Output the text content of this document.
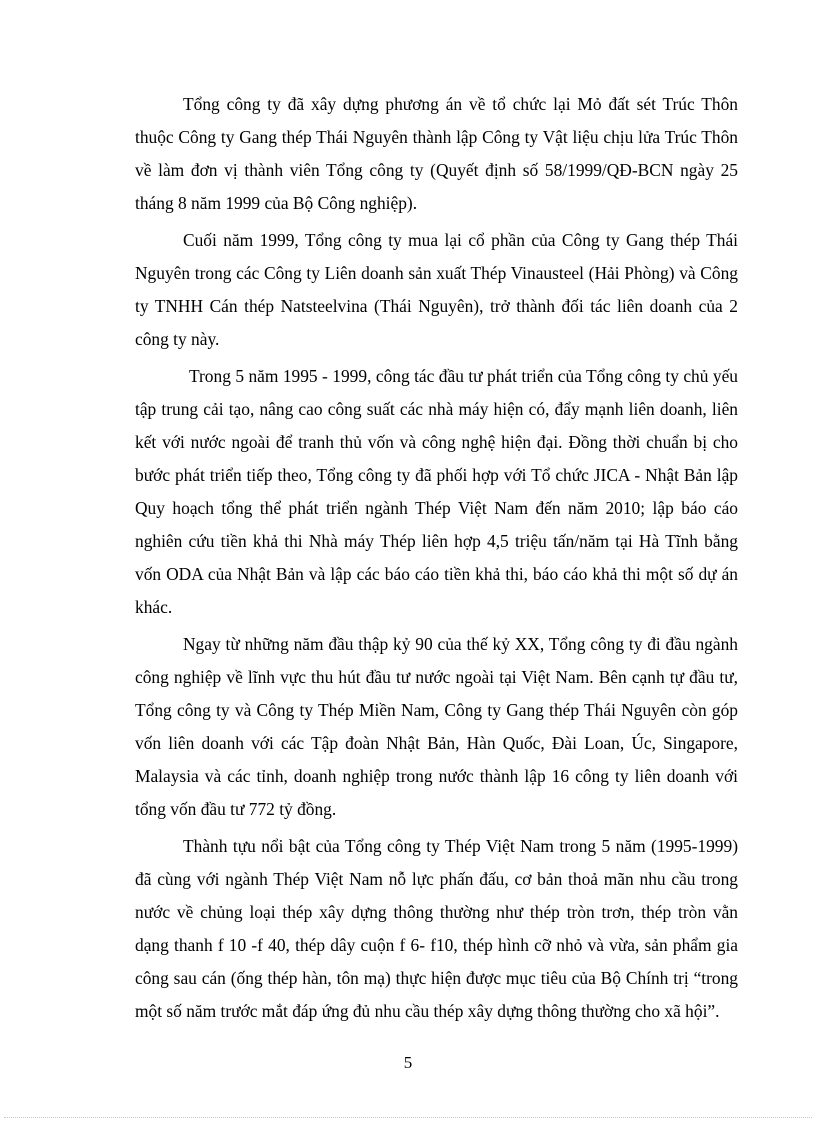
Tổng công ty đã xây dựng phương án về tổ chức lại Mỏ đất sét Trúc Thôn thuộc Công ty Gang thép Thái Nguyên thành lập Công ty Vật liệu chịu lửa Trúc Thôn về làm đơn vị thành viên Tổng công ty (Quyết định số 58/1999/QĐ-BCN ngày 25 tháng 8 năm 1999 của Bộ Công nghiệp).

Cuối năm 1999, Tổng công ty mua lại cổ phần của Công ty Gang thép Thái Nguyên trong các Công ty Liên doanh sản xuất Thép Vinausteel (Hải Phòng) và Công ty TNHH Cán thép Natsteelvina (Thái Nguyên), trở thành đối tác liên doanh của 2 công ty này.

Trong 5 năm 1995 - 1999, công tác đầu tư phát triển của Tổng công ty chủ yếu tập trung cải tạo, nâng cao công suất các nhà máy hiện có, đẩy mạnh liên doanh, liên kết với nước ngoài để tranh thủ vốn và công nghệ hiện đại. Đồng thời chuẩn bị cho bước phát triển tiếp theo, Tổng công ty đã phối hợp với Tổ chức JICA - Nhật Bản lập Quy hoạch tổng thể phát triển ngành Thép Việt Nam đến năm 2010; lập báo cáo nghiên cứu tiền khả thi Nhà máy Thép liên hợp 4,5 triệu tấn/năm tại Hà Tĩnh bằng vốn ODA của Nhật Bản và lập các báo cáo tiền khả thi, báo cáo khả thi một số dự án khác.

Ngay từ những năm đầu thập kỷ 90 của thế kỷ XX, Tổng công ty đi đầu ngành công nghiệp về lĩnh vực thu hút đầu tư nước ngoài tại Việt Nam. Bên cạnh tự đầu tư, Tổng công ty và Công ty Thép Miền Nam, Công ty Gang thép Thái Nguyên còn góp vốn liên doanh với các Tập đoàn Nhật Bản, Hàn Quốc, Đài Loan, Úc, Singapore, Malaysia và các tỉnh, doanh nghiệp trong nước thành lập 16 công ty liên doanh với tổng vốn đầu tư 772 tỷ đồng.

Thành tựu nổi bật của Tổng công ty Thép Việt Nam trong 5 năm (1995-1999) đã cùng với ngành Thép Việt Nam nỗ lực phấn đấu, cơ bản thoả mãn nhu cầu trong nước về chủng loại thép xây dựng thông thường như thép tròn trơn, thép tròn vằn dạng thanh f 10 -f 40, thép dây cuộn f 6- f10, thép hình cỡ nhỏ và vừa, sản phẩm gia công sau cán (ống thép hàn, tôn mạ) thực hiện được mục tiêu của Bộ Chính trị “trong một số năm trước mắt đáp ứng đủ nhu cầu thép xây dựng thông thường cho xã hội”.

5
